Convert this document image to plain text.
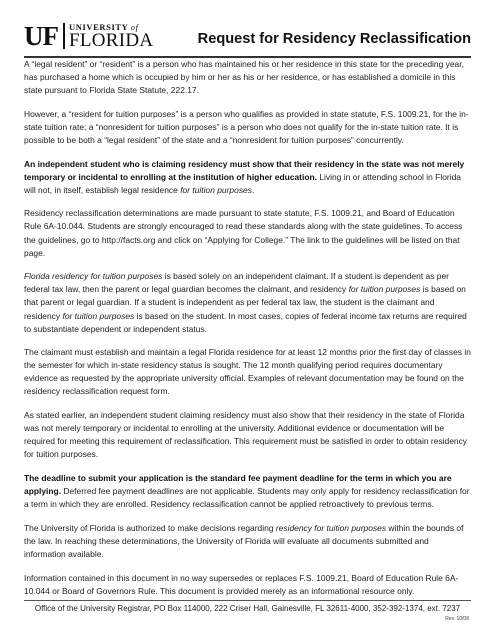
UF UNIVERSITY of
FLORIDA	Request for Residency Reclassification

A “legal resident” or “resident” is a person who has maintained his or her residence in this state for the preceding year, has purchased a home which is occupied by him or her as his or her residence, or has established a domicile in this state pursuant to Florida State Statute, 222.17.

However, a “resident for tuition purposes” is a person who qualifies as provided in state statute, F.S. 1009.21, for the in-state tuition rate; a “nonresident for tuition purposes” is a person who does not qualify for the in-state tuition rate. It is possible to be both a “legal resident” of the state and a “nonresident for tuition purposes” concurrently.

An independent student who is claiming residency must show that their residency in the state was not merely temporary or incidental to enrolling at the institution of higher education. Living in or attending school in Florida will not, in itself, establish legal residence for tuition purposes.

Residency reclassification determinations are made pursuant to state statute, F.S. 1009.21, and Board of Education Rule 6A-10.044. Students are strongly encouraged to read these standards along with the state guidelines. To access the guidelines, go to http://facts.org and click on “Applying for College.” The link to the guidelines will be listed on that page.

Florida residency for tuition purposes is based solely on an independent claimant. If a student is dependent as per federal tax law, then the parent or legal guardian becomes the claimant, and residency for tuition purposes is based on that parent or legal guardian. If a student is independent as per federal tax law, the student is the claimant and residency for tuition purposes is based on the student. In most cases, copies of federal income tax returns are required to substantiate dependent or independent status.

The claimant must establish and maintain a legal Florida residence for at least 12 months prior the first day of classes in the semester for which in-state residency status is sought. The 12 month qualifying period requires documentary evidence as requested by the appropriate university official. Examples of relevant documentation may be found on the residency reclassification request form.

As stated earlier, an independent student claiming residency must also show that their residency in the state of Florida was not merely temporary or incidental to enrolling at the university. Additional evidence or documentation will be required for meeting this requirement of reclassification. This requirement must be satisfied in order to obtain residency for tuition purposes.

The deadline to submit your application is the standard fee payment deadline for the term in which you are applying. Deferred fee payment deadlines are not applicable. Students may only apply for residency reclassification for a term in which they are enrolled. Residency reclassification cannot be applied retroactively to previous terms.

The University of Florida is authorized to make decisions regarding residency for tuition purposes within the bounds of the law. In reaching these determinations, the University of Florida will evaluate all documents submitted and information available.

Information contained in this document in no way supersedes or replaces F.S. 1009.21, Board of Education Rule 6A-10.044 or Board of Governors Rule. This document is provided merely as an informational resource only.

Office of the University Registrar, PO Box 114000, 222 Criser Hall, Gainesville, FL 32611-4000, 352-392-1374, ext. 7237
Rev. 10/08
